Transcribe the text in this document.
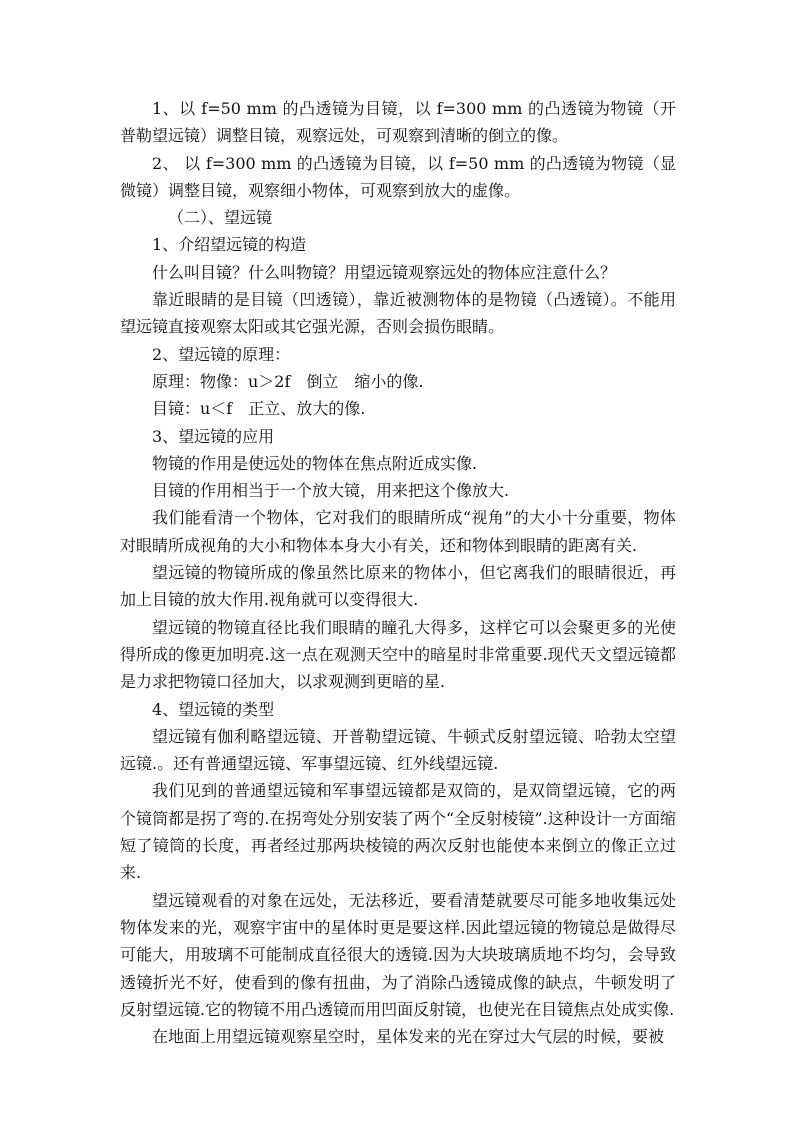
1、以 f=50 mm 的凸透镜为目镜，以 f=300 mm 的凸透镜为物镜（开普勒望远镜）调整目镜，观察远处，可观察到清晰的倒立的像。

2、 以 f=300 mm 的凸透镜为目镜，以 f=50 mm 的凸透镜为物镜（显微镜）调整目镜，观察细小物体，可观察到放大的虚像。

（二）、望远镜

1、介绍望远镜的构造

什么叫目镜？什么叫物镜？用望远镜观察远处的物体应注意什么？

靠近眼睛的是目镜（凹透镜），靠近被测物体的是物镜（凸透镜）。不能用望远镜直接观察太阳或其它强光源，否则会损伤眼睛。

2、望远镜的原理：

原理：物像：u＞2f　倒立　缩小的像.

目镜：u＜f　正立、放大的像.

3、望远镜的应用

物镜的作用是使远处的物体在焦点附近成实像.

目镜的作用相当于一个放大镜，用来把这个像放大.

我们能看清一个物体，它对我们的眼睛所成“视角”的大小十分重要，物体对眼睛所成视角的大小和物体本身大小有关，还和物体到眼睛的距离有关.

望远镜的物镜所成的像虽然比原来的物体小，但它离我们的眼睛很近，再加上目镜的放大作用.视角就可以变得很大.

望远镜的物镜直径比我们眼睛的瞳孔大得多，这样它可以会聚更多的光使得所成的像更加明亮.这一点在观测天空中的暗星时非常重要.现代天文望远镜都是力求把物镜口径加大，以求观测到更暗的星.

4、望远镜的类型

望远镜有伽利略望远镜、开普勒望远镜、牛顿式反射望远镜、哈勃太空望远镜.。还有普通望远镜、军事望远镜、红外线望远镜.

我们见到的普通望远镜和军事望远镜都是双筒的，是双筒望远镜，它的两个镜筒都是拐了弯的.在拐弯处分别安装了两个“全反射棱镜”.这种设计一方面缩短了镜筒的长度，再者经过那两块棱镜的两次反射也能使本来倒立的像正立过来.

望远镜观看的对象在远处，无法移近，要看清楚就要尽可能多地收集远处物体发来的光，观察宇宙中的星体时更是要这样.因此望远镜的物镜总是做得尽可能大，用玻璃不可能制成直径很大的透镜.因为大块玻璃质地不均匀，会导致透镜折光不好，使看到的像有扭曲，为了消除凸透镜成像的缺点，牛顿发明了反射望远镜.它的物镜不用凸透镜而用凹面反射镜，也使光在目镜焦点处成实像.

在地面上用望远镜观察星空时，星体发来的光在穿过大气层的时候，要被
